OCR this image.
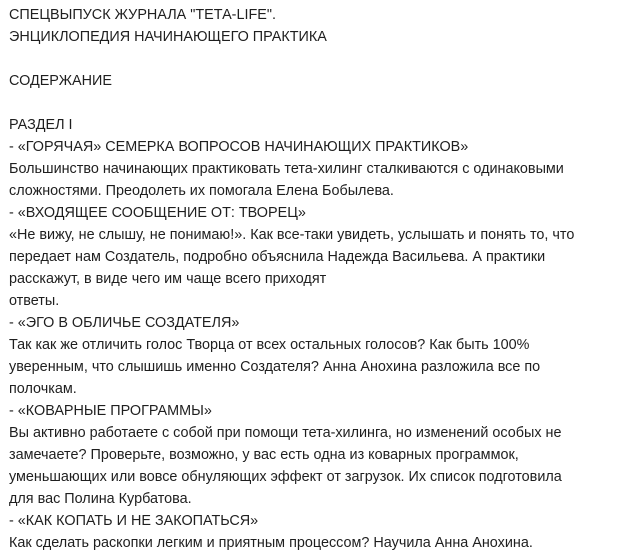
СПЕЦВЫПУСК ЖУРНАЛА "ТЕТА-LIFE".
ЭНЦИКЛОПЕДИЯ НАЧИНАЮЩЕГО ПРАКТИКА
СОДЕРЖАНИЕ
РАЗДЕЛ I
- «ГОРЯЧАЯ» СЕМЕРКА ВОПРОСОВ НАЧИНАЮЩИХ ПРАКТИКОВ»
Большинство начинающих практиковать тета-хилинг сталкиваются с одинаковыми
сложностями. Преодолеть их помогала Елена Бобылева.
- «ВХОДЯЩЕЕ СООБЩЕНИЕ ОТ: ТВОРЕЦ»
«Не вижу, не слышу, не понимаю!». Как все-таки увидеть, услышать и понять то, что
передает нам Создатель, подробно объяснила Надежда Васильева. А практики
расскажут, в виде чего им чаще всего приходят
ответы.
- «ЭГО В ОБЛИЧЬЕ СОЗДАТЕЛЯ»
Так как же отличить голос Творца от всех остальных голосов? Как быть 100%
уверенным, что слышишь именно Создателя? Анна Анохина разложила все по
полочкам.
- «КОВАРНЫЕ ПРОГРАММЫ»
Вы активно работаете с собой при помощи тета-хилинга, но изменений особых не
замечаете? Проверьте, возможно, у вас есть одна из коварных программок,
уменьшающих или вовсе обнуляющих эффект от загрузок. Их список подготовила
для вас Полина Курбатова.
- «КАК КОПАТЬ И НЕ ЗАКОПАТЬСЯ»
Как сделать раскопки легким и приятным процессом? Научила Анна Анохина.
